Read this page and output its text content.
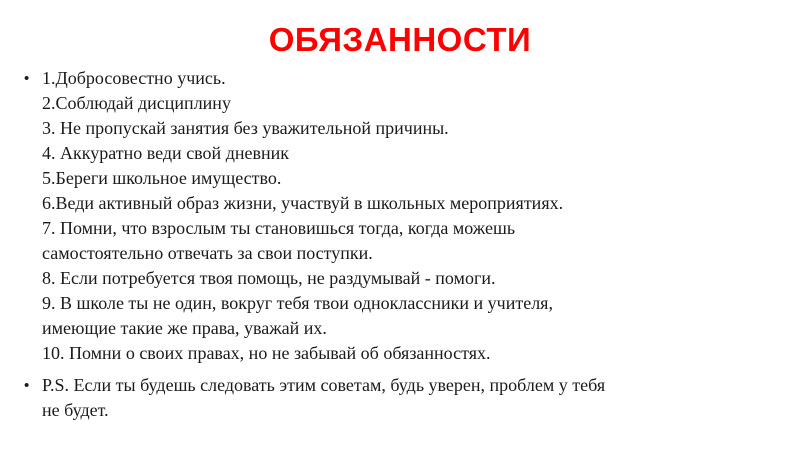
ОБЯЗАННОСТИ
• 1.Добросовестно учись.
2.Соблюдай дисциплину
3. Не пропускай занятия без уважительной причины.
4. Аккуратно веди свой дневник
5.Береги школьное имущество.
6.Веди активный образ жизни, участвуй в школьных мероприятиях.
7. Помни, что взрослым ты становишься тогда, когда можешь
самостоятельно отвечать за свои поступки.
8. Если потребуется твоя помощь, не раздумывай - помоги.
9. В школе ты не один, вокруг тебя твои одноклассники и учителя,
имеющие такие же права, уважай их.
10. Помни о своих правах, но не забывай об обязанностях.
• P.S. Если ты будешь следовать этим советам, будь уверен, проблем у тебя
не будет.
